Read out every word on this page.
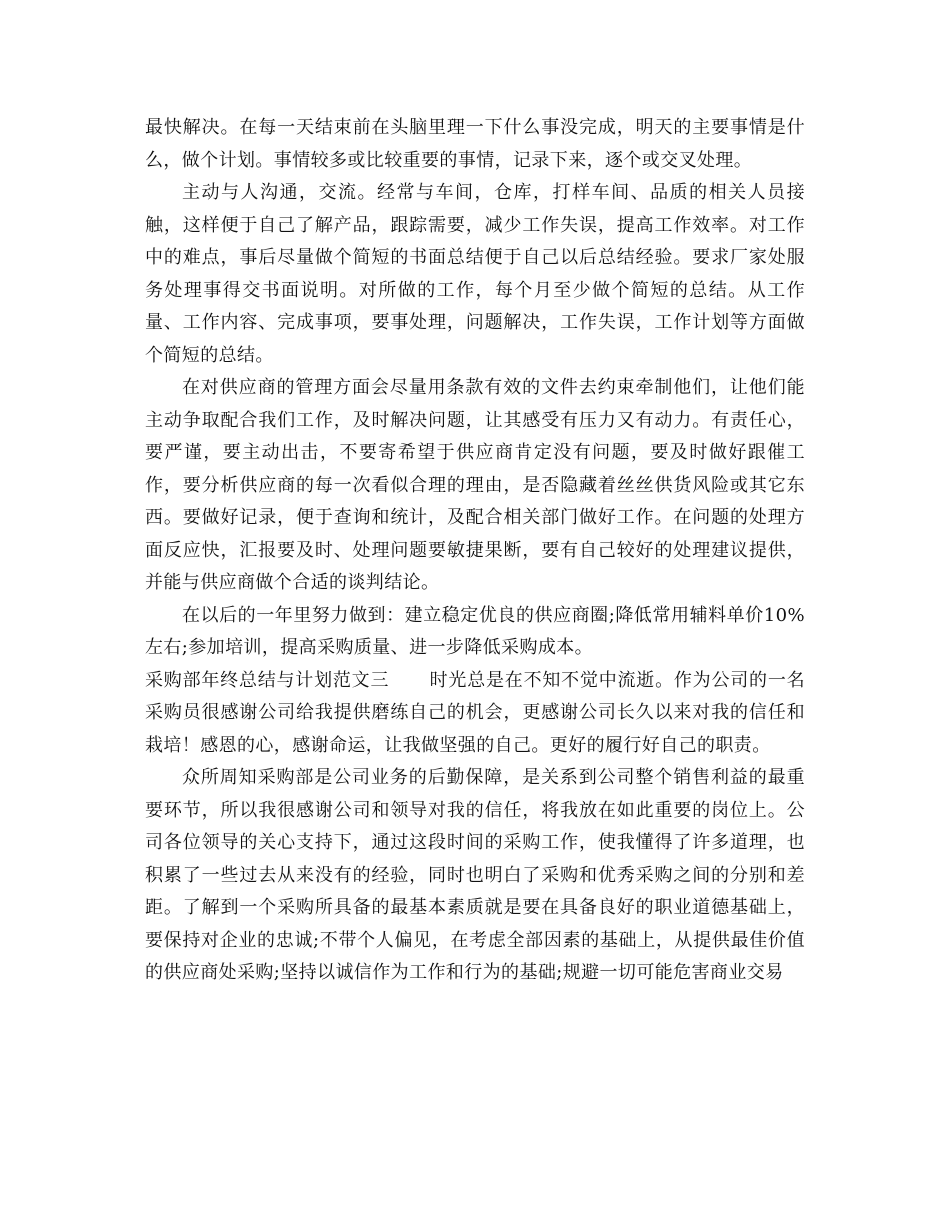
最快解决。在每一天结束前在头脑里理一下什么事没完成，明天的主要事情是什么，做个计划。事情较多或比较重要的事情，记录下来，逐个或交叉处理。

主动与人沟通，交流。经常与车间，仓库，打样车间、品质的相关人员接触，这样便于自己了解产品，跟踪需要，减少工作失误，提高工作效率。对工作中的难点，事后尽量做个简短的书面总结便于自己以后总结经验。要求厂家处服务处理事得交书面说明。对所做的工作，每个月至少做个简短的总结。从工作量、工作内容、完成事项，要事处理，问题解决，工作失误，工作计划等方面做个简短的总结。

在对供应商的管理方面会尽量用条款有效的文件去约束牵制他们，让他们能主动争取配合我们工作，及时解决问题，让其感受有压力又有动力。有责任心，要严谨，要主动出击，不要寄希望于供应商肯定没有问题，要及时做好跟催工作，要分析供应商的每一次看似合理的理由，是否隐藏着丝丝供货风险或其它东西。要做好记录，便于查询和统计，及配合相关部门做好工作。在问题的处理方面反应快，汇报要及时、处理问题要敏捷果断，要有自己较好的处理建议提供，并能与供应商做个合适的谈判结论。

在以后的一年里努力做到：建立稳定优良的供应商圈;降低常用辅料单价10%左右;参加培训，提高采购质量、进一步降低采购成本。

采购部年终总结与计划范文三 时光总是在不知不觉中流逝。作为公司的一名采购员很感谢公司给我提供磨练自己的机会，更感谢公司长久以来对我的信任和栽培！感恩的心，感谢命运，让我做坚强的自己。更好的履行好自己的职责。

众所周知采购部是公司业务的后勤保障，是关系到公司整个销售利益的最重要环节，所以我很感谢公司和领导对我的信任，将我放在如此重要的岗位上。公司各位领导的关心支持下，通过这段时间的采购工作，使我懂得了许多道理，也积累了一些过去从来没有的经验，同时也明白了采购和优秀采购之间的分别和差距。了解到一个采购所具备的最基本素质就是要在具备良好的职业道德基础上，要保持对企业的忠诚;不带个人偏见，在考虑全部因素的基础上，从提供最佳价值的供应商处采购;坚持以诚信作为工作和行为的基础;规避一切可能危害商业交易
